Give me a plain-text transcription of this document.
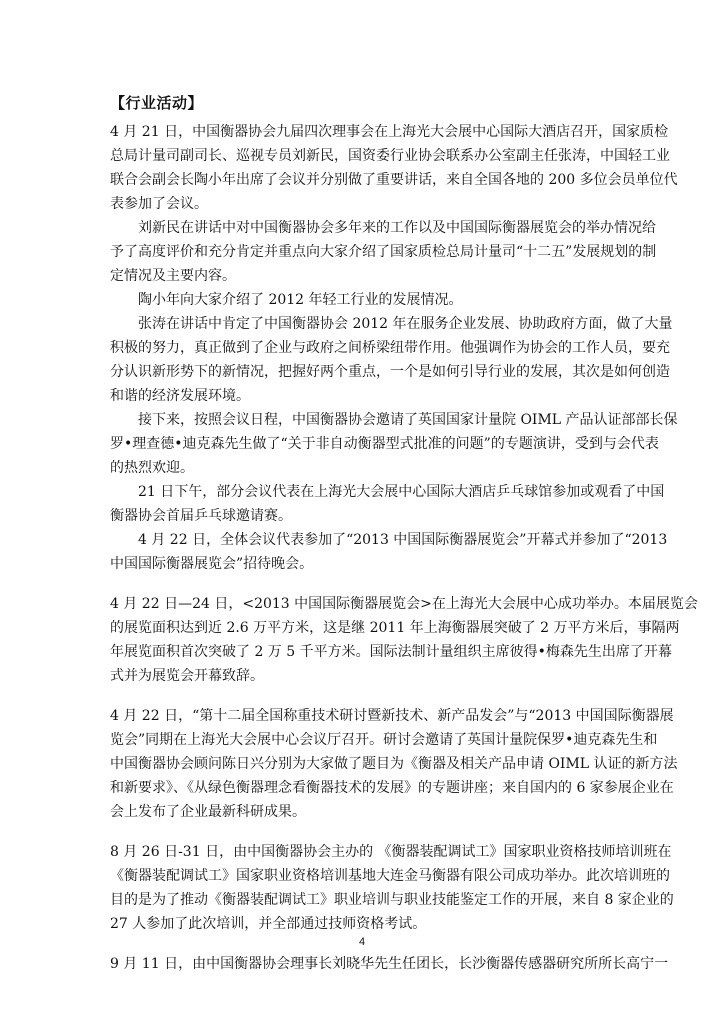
【行业活动】
4 月 21 日，中国衡器协会九届四次理事会在上海光大会展中心国际大酒店召开，国家质检
总局计量司副司长、巡视专员刘新民，国资委行业协会联系办公室副主任张涛，中国轻工业
联合会副会长陶小年出席了会议并分别做了重要讲话，来自全国各地的 200 多位会员单位代
表参加了会议。
刘新民在讲话中对中国衡器协会多年来的工作以及中国国际衡器展览会的举办情况给
予了高度评价和充分肯定并重点向大家介绍了国家质检总局计量司“十二五”发展规划的制
定情况及主要内容。
陶小年向大家介绍了 2012 年轻工行业的发展情况。
张涛在讲话中肯定了中国衡器协会 2012 年在服务企业发展、协助政府方面，做了大量
积极的努力，真正做到了企业与政府之间桥梁纽带作用。他强调作为协会的工作人员，要充
分认识新形势下的新情况，把握好两个重点，一个是如何引导行业的发展，其次是如何创造
和谐的经济发展环境。
接下来，按照会议日程，中国衡器协会邀请了英国国家计量院 OIML 产品认证部部长保
罗•理查德•迪克森先生做了“关于非自动衡器型式批准的问题”的专题演讲，受到与会代表
的热烈欢迎。
21 日下午，部分会议代表在上海光大会展中心国际大酒店乒乓球馆参加或观看了中国
衡器协会首届乒乓球邀请赛。
4 月 22 日，全体会议代表参加了“2013 中国国际衡器展览会”开幕式并参加了“2013
中国国际衡器展览会”招待晚会。
4 月 22 日—24 日，<2013 中国国际衡器展览会>在上海光大会展中心成功举办。本届展览会
的展览面积达到近 2.6 万平方米，这是继 2011 年上海衡器展突破了 2 万平方米后，事隔两
年展览面积首次突破了 2 万 5 千平方米。国际法制计量组织主席彼得•梅森先生出席了开幕
式并为展览会开幕致辞。
4 月 22 日，“第十二届全国称重技术研讨暨新技术、新产品发会”与“2013 中国国际衡器展
览会”同期在上海光大会展中心会议厅召开。研讨会邀请了英国计量院保罗•迪克森先生和
中国衡器协会顾问陈日兴分别为大家做了题目为《衡器及相关产品申请 OIML 认证的新方法
和新要求》、《从绿色衡器理念看衡器技术的发展》的专题讲座；来自国内的 6 家参展企业在
会上发布了企业最新科研成果。
8 月 26 日-31 日，由中国衡器协会主办的 《衡器装配调试工》国家职业资格技师培训班在
《衡器装配调试工》国家职业资格培训基地大连金马衡器有限公司成功举办。此次培训班的
目的是为了推动《衡器装配调试工》职业培训与职业技能鉴定工作的开展，来自 8 家企业的
27 人参加了此次培训，并全部通过技师资格考试。
9 月 11 日，由中国衡器协会理事长刘晓华先生任团长，长沙衡器传感器研究所所长高宁一
4
